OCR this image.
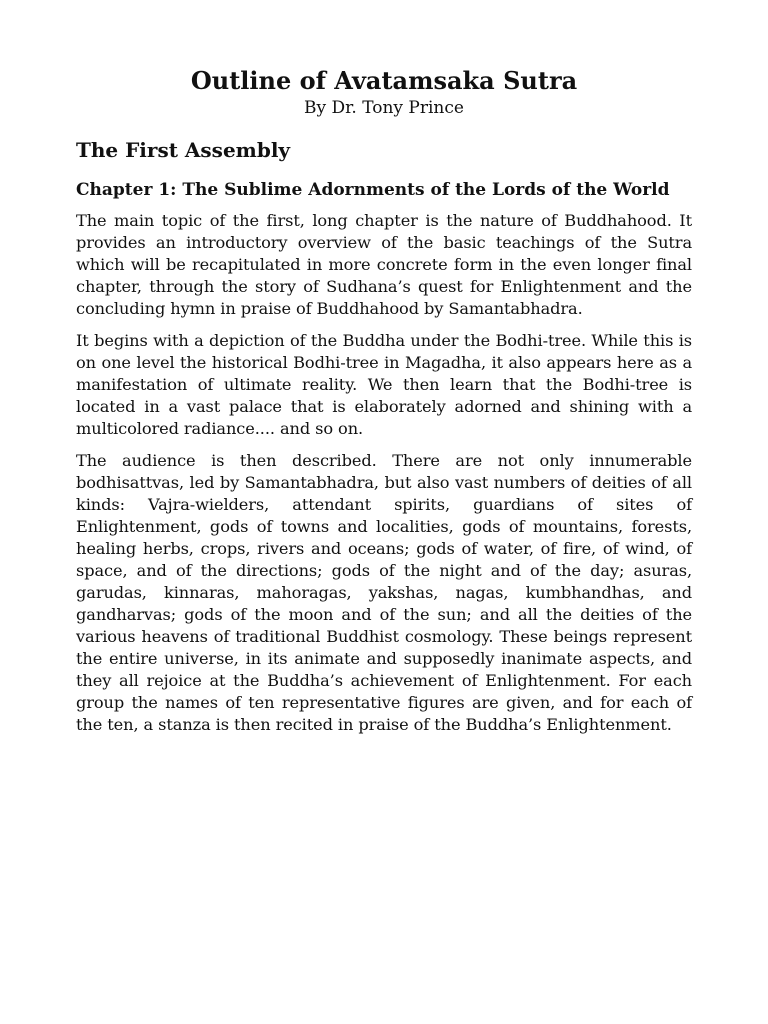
Outline of Avatamsaka Sutra

By Dr. Tony Prince

The First Assembly
Chapter 1: The Sublime Adornments of the Lords of the World

The main topic of the first, long chapter is the nature of Buddhahood. It provides an introductory overview of the basic teachings of the Sutra which will be recapitulated in more concrete form in the even longer final chapter, through the story of Sudhana’s quest for Enlightenment and the concluding hymn in praise of Buddhahood by Samantabhadra.

It begins with a depiction of the Buddha under the Bodhi-tree. While this is on one level the historical Bodhi-tree in Magadha, it also appears here as a manifestation of ultimate reality. We then learn that the Bodhi-tree is located in a vast palace that is elaborately adorned and shining with a multicolored radiance.... and so on.

The audience is then described. There are not only innumerable bodhisattvas, led by Samantabhadra, but also vast numbers of deities of all kinds: Vajra-wielders, attendant spirits, guardians of sites of Enlightenment, gods of towns and localities, gods of mountains, forests, healing herbs, crops, rivers and oceans; gods of water, of fire, of wind, of space, and of the directions; gods of the night and of the day; asuras, garudas, kinnaras, mahoragas, yakshas, nagas, kumbhandhas, and gandharvas; gods of the moon and of the sun; and all the deities of the various heavens of traditional Buddhist cosmology. These beings represent the entire universe, in its animate and supposedly inanimate aspects, and they all rejoice at the Buddha’s achievement of Enlightenment. For each group the names of ten representative figures are given, and for each of the ten, a stanza is then recited in praise of the Buddha’s Enlightenment.
